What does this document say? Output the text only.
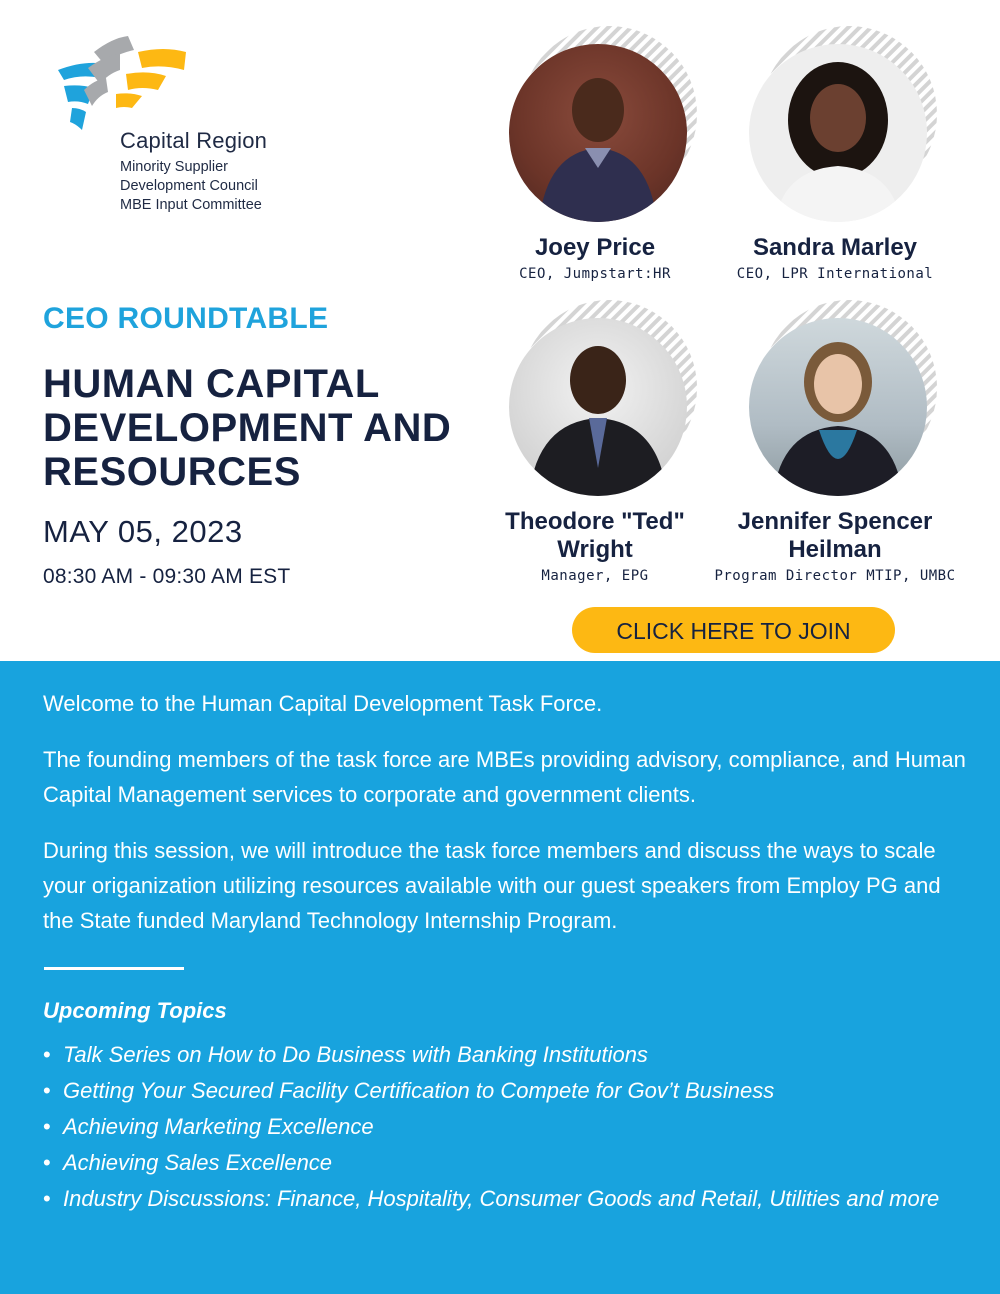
Capital Region

Minority Supplier

Development Council

MBE Input Committee

CEO ROUNDTABLE
HUMAN CAPITAL DEVELOPMENT AND RESOURCES
MAY 05, 2023
08:30 AM - 09:30 AM EST

Joey Price

CEO, Jumpstart:HR

Sandra Marley

CEO, LPR International

Theodore "Ted" Wright

Manager, EPG

Jennifer Spencer Heilman

Program Director MTIP, UMBC

CLICK HERE TO JOIN

Welcome to the Human Capital Development Task Force.

The founding members of the task force are MBEs providing advisory, compliance, and Human Capital Management services to corporate and government clients.

During this session, we will introduce the task force members and discuss the ways to scale your origanization utilizing resources available with our guest speakers from Employ PG and the State funded Maryland Technology Internship Program.

Upcoming Topics

• Talk Series on How to Do Business with Banking Institutions
• Getting Your Secured Facility Certification to Compete for Gov’t Business
• Achieving Marketing Excellence
• Achieving Sales Excellence
• Industry Discussions: Finance, Hospitality, Consumer Goods and Retail, Utilities and more
